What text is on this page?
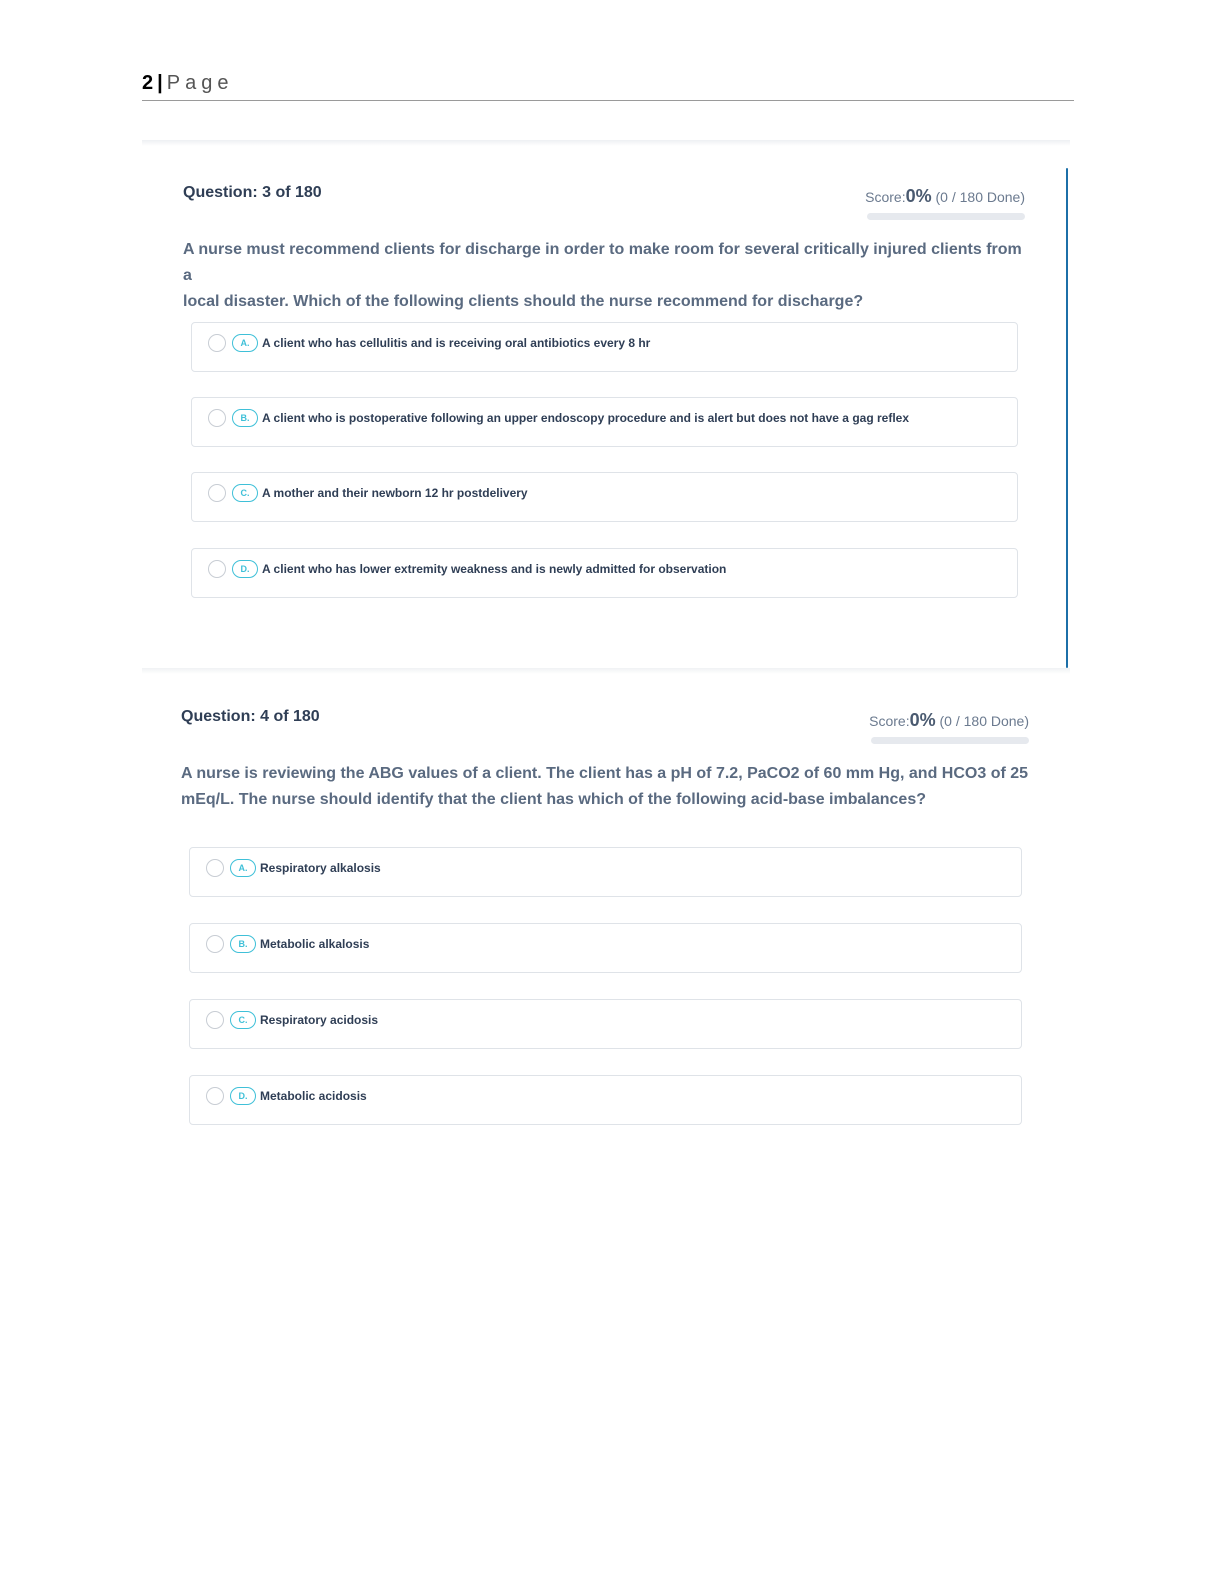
2 | Page
Question: 3 of 180	Score:0% (0 / 180 Done)
A nurse must recommend clients for discharge in order to make room for several critically injured clients from a
local disaster. Which of the following clients should the nurse recommend for discharge?
A.	A client who has cellulitis and is receiving oral antibiotics every 8 hr
B.	A client who is postoperative following an upper endoscopy procedure and is alert but does not have a gag reflex
C.	A mother and their newborn 12 hr postdelivery
D.	A client who has lower extremity weakness and is newly admitted for observation
Question: 4 of 180	Score:0% (0 / 180 Done)
A nurse is reviewing the ABG values of a client. The client has a pH of 7.2, PaCO2 of 60 mm Hg, and HCO3 of 25
mEq/L. The nurse should identify that the client has which of the following acid-base imbalances?
A.	Respiratory alkalosis
B.	Metabolic alkalosis
C.	Respiratory acidosis
D.	Metabolic acidosis
